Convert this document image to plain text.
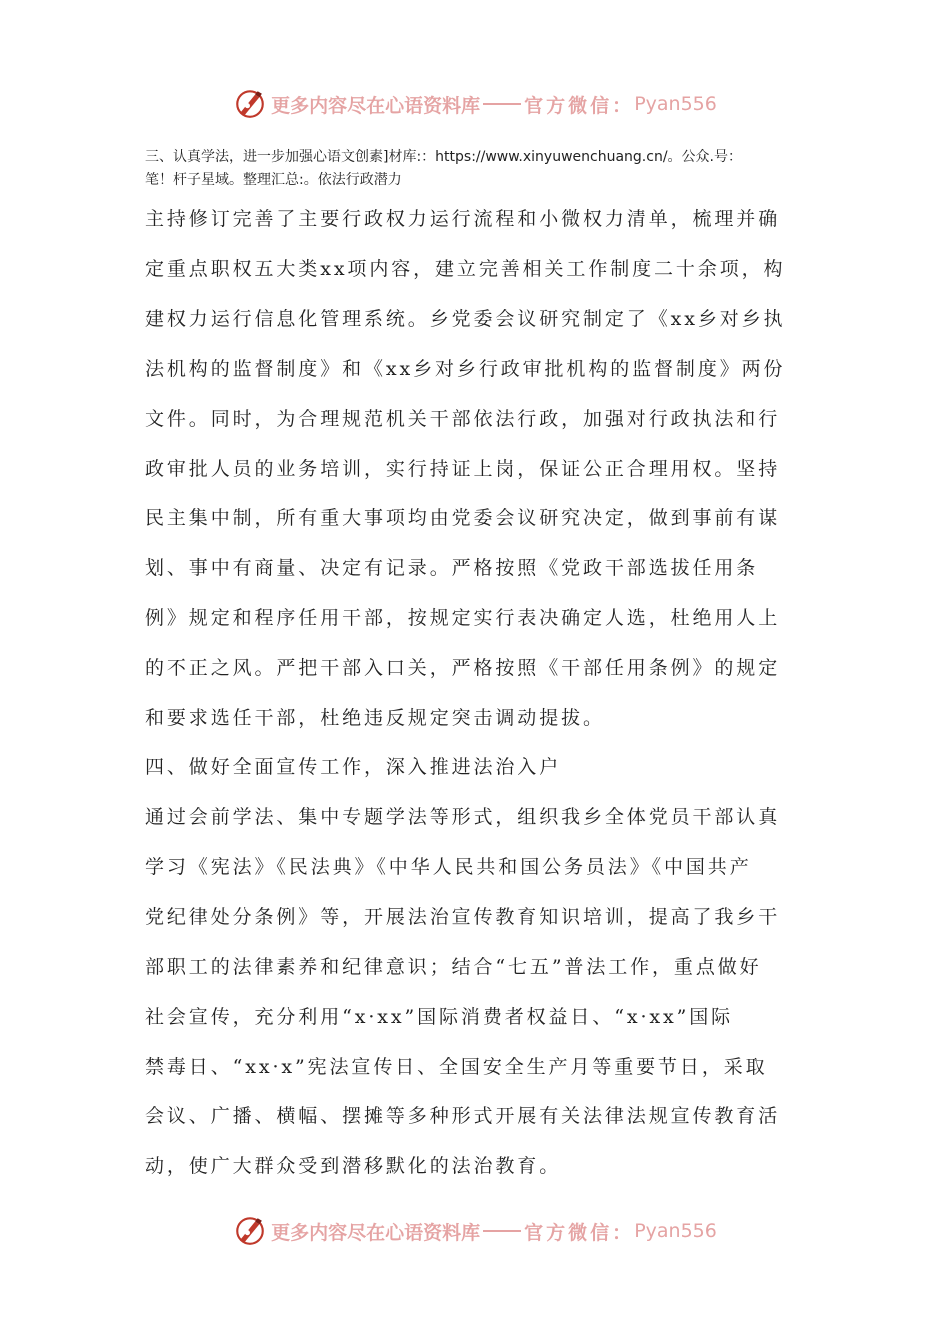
更多内容尽在心语资料库 官方微信： Pyan556
三、认真学法，进一步加强心语文创素]材库:：https://www.xinyuwenchuang.cn/。公众.号：
笔！杆子星域。整理汇总:。依法行政潜力
主持修订完善了主要行政权力运行流程和小微权力清单，梳理并确
定重点职权五大类xx项内容，建立完善相关工作制度二十余项，构
建权力运行信息化管理系统。乡党委会议研究制定了《xx乡对乡执
法机构的监督制度》和《xx乡对乡行政审批机构的监督制度》两份
文件。同时，为合理规范机关干部依法行政，加强对行政执法和行
政审批人员的业务培训，实行持证上岗，保证公正合理用权。坚持
民主集中制，所有重大事项均由党委会议研究决定，做到事前有谋
划、事中有商量、决定有记录。严格按照《党政干部选拔任用条
例》规定和程序任用干部，按规定实行表决确定人选，杜绝用人上
的不正之风。严把干部入口关，严格按照《干部任用条例》的规定
和要求选任干部，杜绝违反规定突击调动提拔。
四、做好全面宣传工作，深入推进法治入户
通过会前学法、集中专题学法等形式，组织我乡全体党员干部认真
学习《宪法》《民法典》《中华人民共和国公务员法》《中国共产
党纪律处分条例》等，开展法治宣传教育知识培训，提高了我乡干
部职工的法律素养和纪律意识；结合“七五”普法工作，重点做好
社会宣传，充分利用“x·xx”国际消费者权益日、“x·xx”国际
禁毒日、“xx·x”宪法宣传日、全国安全生产月等重要节日，采取
会议、广播、横幅、摆摊等多种形式开展有关法律法规宣传教育活
动，使广大群众受到潜移默化的法治教育。
更多内容尽在心语资料库 官方微信： Pyan556
